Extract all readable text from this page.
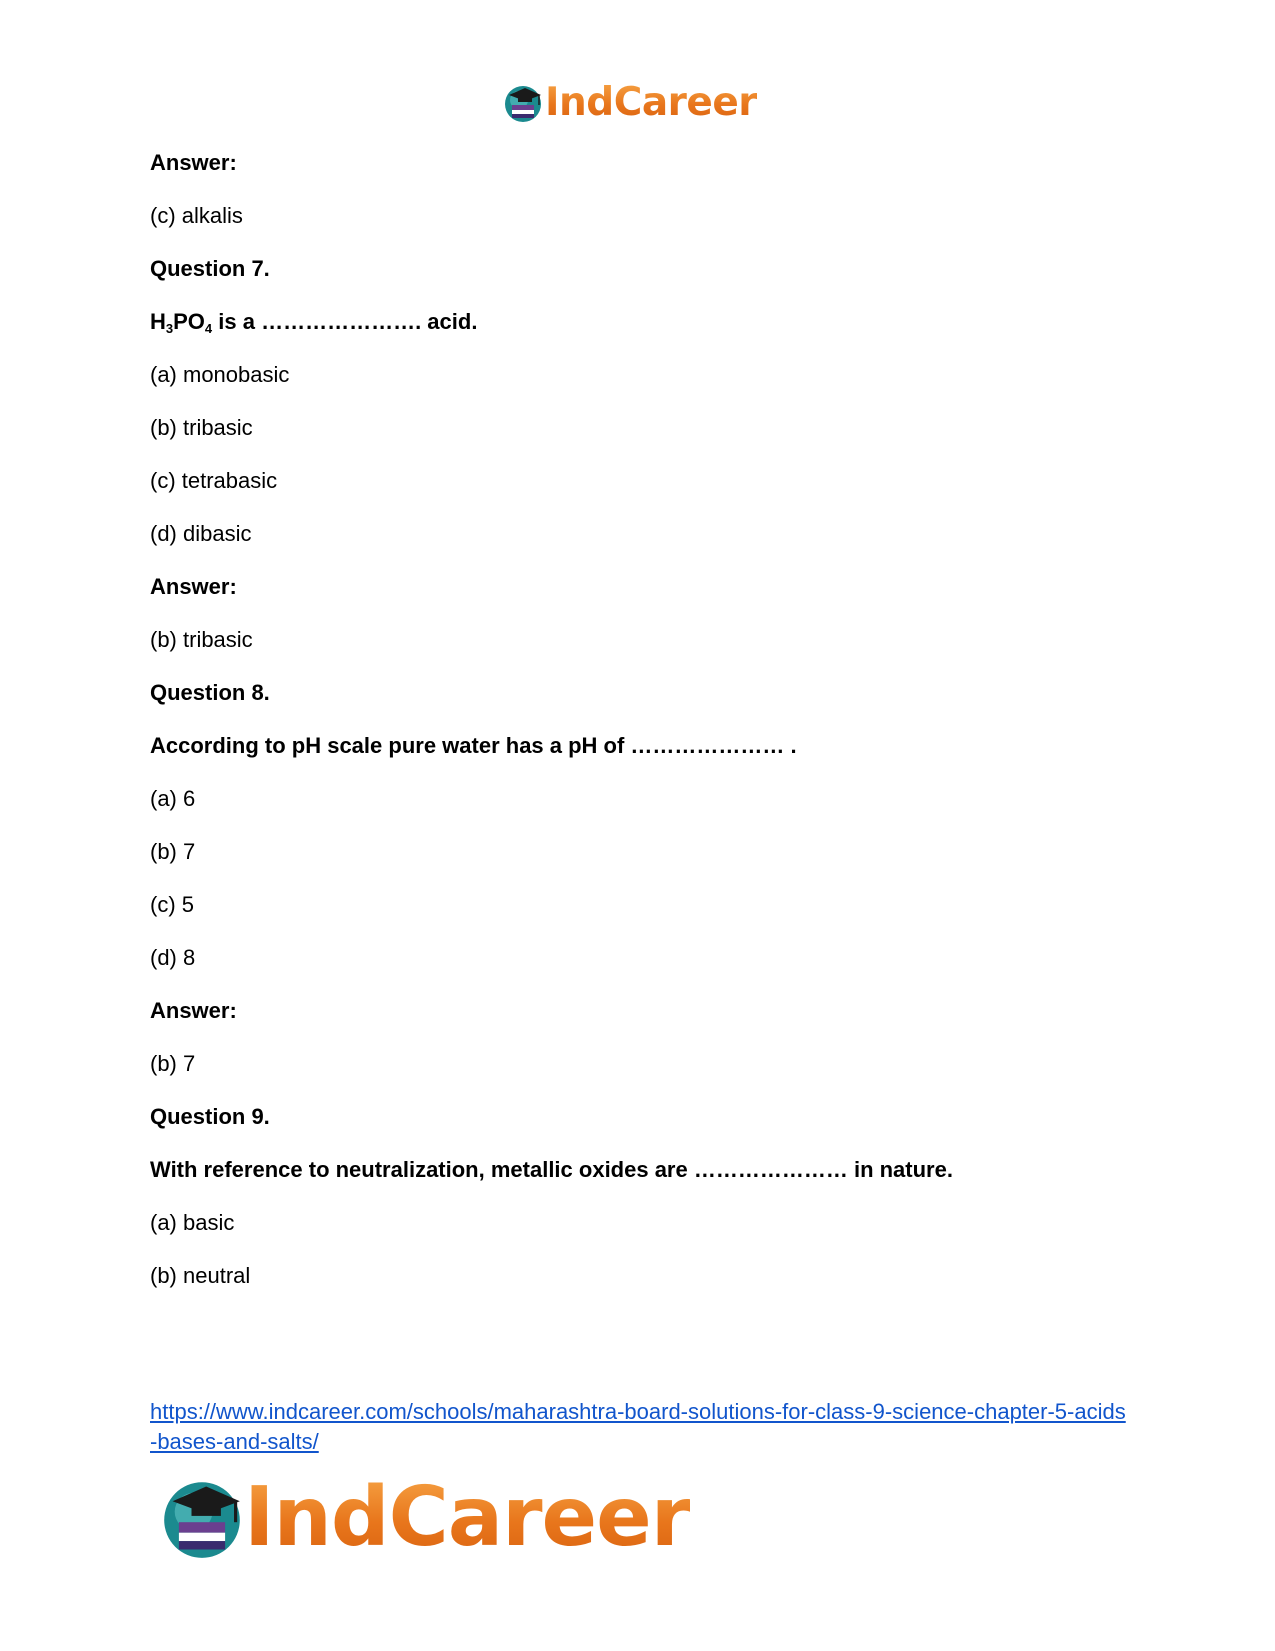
IndCareer
Answer:
(c) alkalis
Question 7.
$H_3PO_4$ is a …………………. acid.
(a) monobasic
(b) tribasic
(c) tetrabasic
(d) dibasic
Answer:
(b) tribasic
Question 8.
According to pH scale pure water has a pH of ………………… .
(a) 6
(b) 7
(c) 5
(d) 8
Answer:
(b) 7
Question 9.
With reference to neutralization, metallic oxides are ………………… in nature.
(a) basic
(b) neutral
https://www.indcareer.com/schools/maharashtra-board-solutions-for-class-9-science-chapter-5-acids-bases-and-salts/
IndCareer
